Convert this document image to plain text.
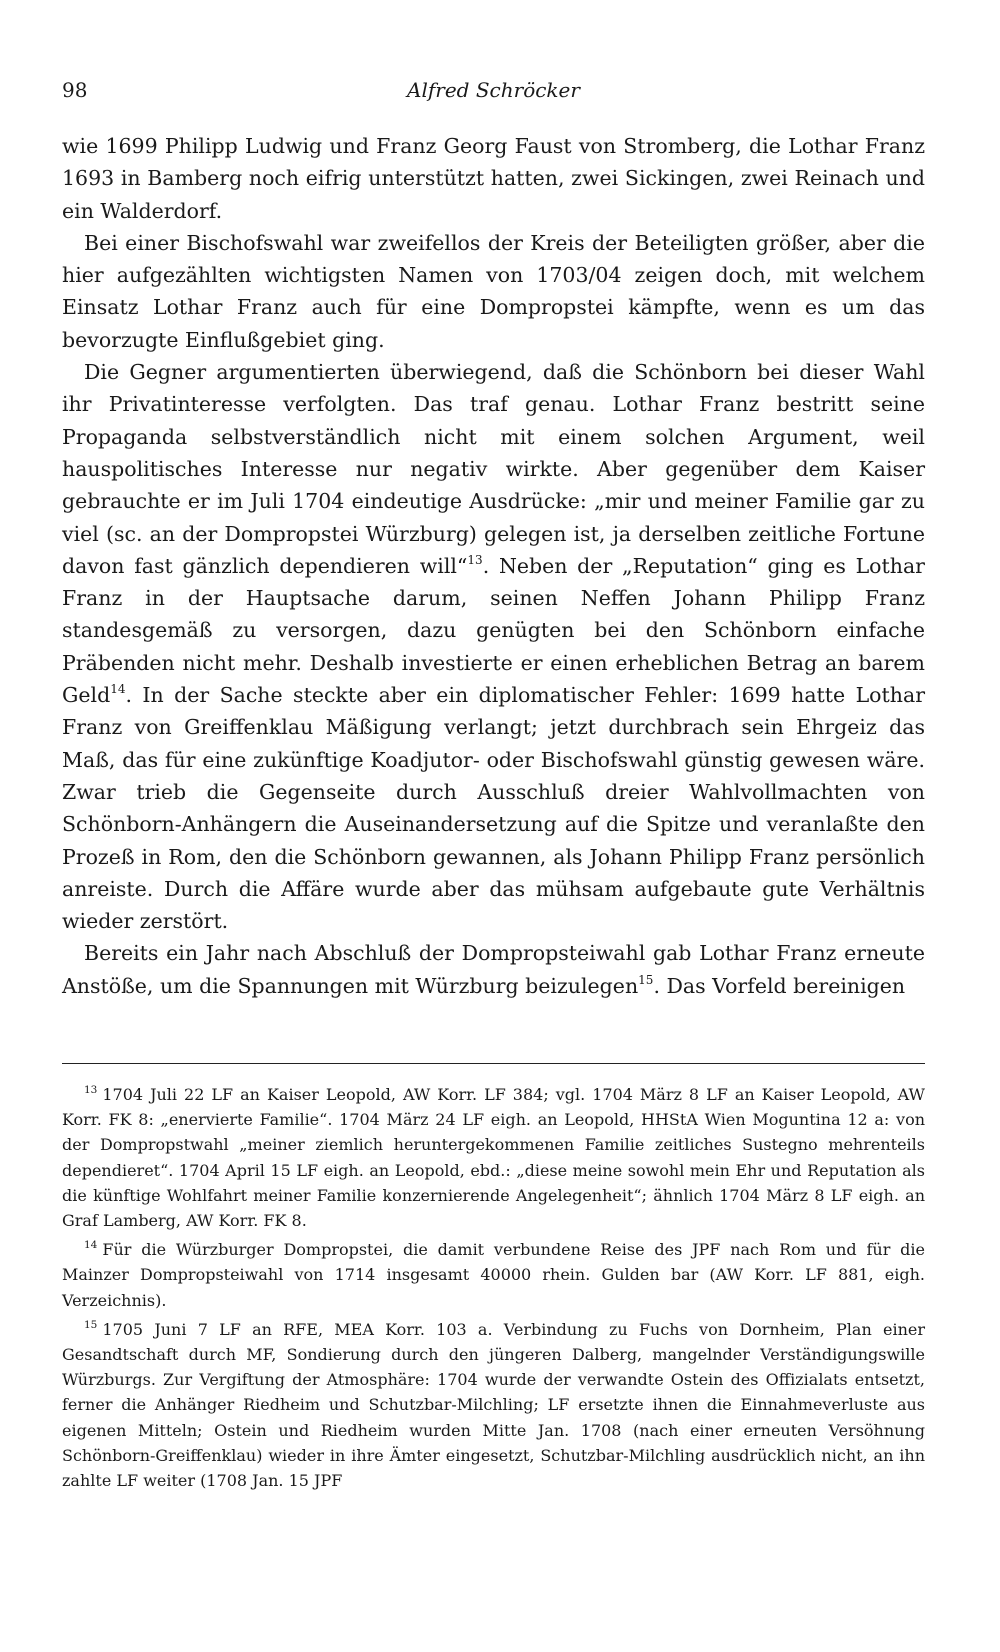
98	Alfred Schröcker

wie 1699 Philipp Ludwig und Franz Georg Faust von Stromberg, die Lothar Franz 1693 in Bamberg noch eifrig unterstützt hatten, zwei Sickingen, zwei Reinach und ein Walderdorf.

Bei einer Bischofswahl war zweifellos der Kreis der Beteiligten größer, aber die hier aufgezählten wichtigsten Namen von 1703/04 zeigen doch, mit welchem Einsatz Lothar Franz auch für eine Dompropstei kämpfte, wenn es um das bevorzugte Einflußgebiet ging.

Die Gegner argumentierten überwiegend, daß die Schönborn bei dieser Wahl ihr Privatinteresse verfolgten. Das traf genau. Lothar Franz bestritt seine Propaganda selbstverständlich nicht mit einem solchen Argument, weil hauspolitisches Interesse nur negativ wirkte. Aber gegenüber dem Kaiser gebrauchte er im Juli 1704 eindeutige Ausdrücke: „mir und meiner Familie gar zu viel (sc. an der Dompropstei Würzburg) gelegen ist, ja derselben zeitliche Fortune davon fast gänzlich dependieren will“$^{13}$. Neben der „Reputation“ ging es Lothar Franz in der Hauptsache darum, seinen Neffen Johann Philipp Franz standesgemäß zu versorgen, dazu genügten bei den Schönborn einfache Präbenden nicht mehr. Deshalb investierte er einen erheblichen Betrag an barem Geld$^{14}$. In der Sache steckte aber ein diplomatischer Fehler: 1699 hatte Lothar Franz von Greiffenklau Mäßigung verlangt; jetzt durchbrach sein Ehrgeiz das Maß, das für eine zukünftige Koadjutor- oder Bischofswahl günstig gewesen wäre. Zwar trieb die Gegenseite durch Ausschluß dreier Wahlvollmachten von Schönborn-Anhängern die Auseinandersetzung auf die Spitze und veranlaßte den Prozeß in Rom, den die Schönborn gewannen, als Johann Philipp Franz persönlich anreiste. Durch die Affäre wurde aber das mühsam aufgebaute gute Verhältnis wieder zerstört.

Bereits ein Jahr nach Abschluß der Dompropsteiwahl gab Lothar Franz erneute Anstöße, um die Spannungen mit Würzburg beizulegen$^{15}$. Das Vorfeld bereinigen

$^{13}$ 1704 Juli 22 LF an Kaiser Leopold, AW Korr. LF 384; vgl. 1704 März 8 LF an Kaiser Leopold, AW Korr. FK 8: „enervierte Familie“. 1704 März 24 LF eigh. an Leopold, HHStA Wien Moguntina 12 a: von der Dompropstwahl „meiner ziemlich heruntergekommenen Familie zeitliches Sustegno mehrenteils dependieret“. 1704 April 15 LF eigh. an Leopold, ebd.: „diese meine sowohl mein Ehr und Reputation als die künftige Wohlfahrt meiner Familie konzernierende Angelegenheit“; ähnlich 1704 März 8 LF eigh. an Graf Lamberg, AW Korr. FK 8.

$^{14}$ Für die Würzburger Dompropstei, die damit verbundene Reise des JPF nach Rom und für die Mainzer Dompropsteiwahl von 1714 insgesamt 40000 rhein. Gulden bar (AW Korr. LF 881, eigh. Verzeichnis).

$^{15}$ 1705 Juni 7 LF an RFE, MEA Korr. 103 a. Verbindung zu Fuchs von Dornheim, Plan einer Gesandtschaft durch MF, Sondierung durch den jüngeren Dalberg, mangelnder Verständigungswille Würzburgs. Zur Vergiftung der Atmosphäre: 1704 wurde der verwandte Ostein des Offizialats entsetzt, ferner die Anhänger Riedheim und Schutzbar-Milchling; LF ersetzte ihnen die Einnahmeverluste aus eigenen Mitteln; Ostein und Riedheim wurden Mitte Jan. 1708 (nach einer erneuten Versöhnung Schönborn-Greiffenklau) wieder in ihre Ämter eingesetzt, Schutzbar-Milchling ausdrücklich nicht, an ihn zahlte LF weiter (1708 Jan. 15 JPF
